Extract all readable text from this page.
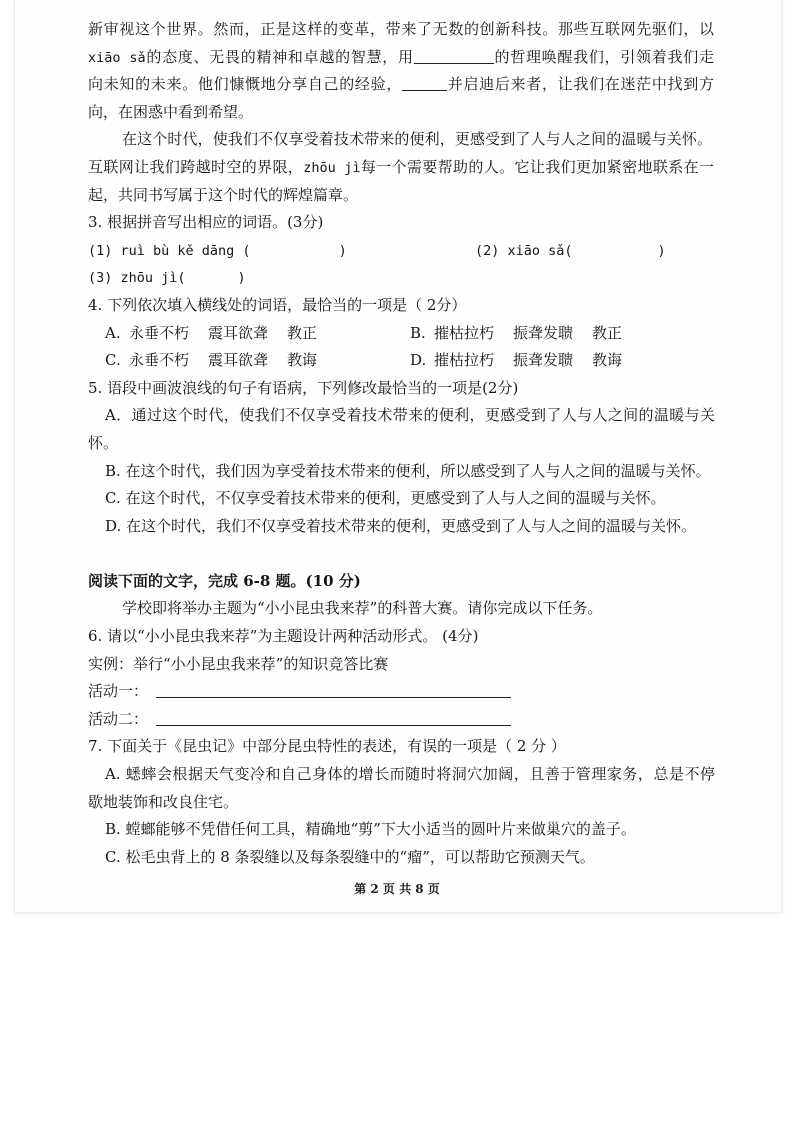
新审视这个世界。然而，正是这样的变革，带来了无数的创新科技。那些互联网先驱们，以
xiāo sǎ的态度、无畏的精神和卓越的智慧，用	的哲理唤醒我们，引领着我们走
向未知的未来。他们慷慨地分享自己的经验，	并启迪后来者，让我们在迷茫中找到方
向，在困惑中看到希望。
在这个时代，使我们不仅享受着技术带来的便利，更感受到了人与人之间的温暖与关怀。
互联网让我们跨越时空的界限，zhōu jì每一个需要帮助的人。它让我们更加紧密地联系在一
起，共同书写属于这个时代的辉煌篇章。
3. 根据拼音写出相应的词语。(3分)
(1) ruì bù kě dāng (	)	(2) xiāo sǎ(	)
(3) zhōu jì(	)
4. 下列依次填入横线处的词语，最恰当的一项是（ 2分）
A. 永垂不朽 震耳欲聋 教正	B. 摧枯拉朽 振聋发聩 教正
C. 永垂不朽 震耳欲聋 教诲	D. 摧枯拉朽 振聋发聩 教诲
5. 语段中画波浪线的句子有语病，下列修改最恰当的一项是(2分)
A．通过这个时代，使我们不仅享受着技术带来的便利，更感受到了人与人之间的温暖与关
怀。
B. 在这个时代，我们因为享受着技术带来的便利，所以感受到了人与人之间的温暖与关怀。
C. 在这个时代，不仅享受着技术带来的便利，更感受到了人与人之间的温暖与关怀。
D. 在这个时代，我们不仅享受着技术带来的便利，更感受到了人与人之间的温暖与关怀。
阅读下面的文字，完成 6-8 题。(10 分)
学校即将举办主题为“小小昆虫我来荐”的科普大赛。请你完成以下任务。
6. 请以“小小昆虫我来荐”为主题设计两种活动形式。 (4分)
实例：举行“小小昆虫我来荐”的知识竞答比赛
活动一：
活动二：
7. 下面关于《昆虫记》中部分昆虫特性的表述，有误的一项是（ 2 分 ）
A. 蟋蟀会根据天气变冷和自己身体的增长而随时将洞穴加阔，且善于管理家务，总是不停
歇地装饰和改良住宅。
B. 螳螂能够不凭借任何工具，精确地“剪”下大小适当的圆叶片来做巢穴的盖子。
C. 松毛虫背上的 8 条裂缝以及每条裂缝中的“瘤”，可以帮助它预测天气。
第 2 页 共 8 页
